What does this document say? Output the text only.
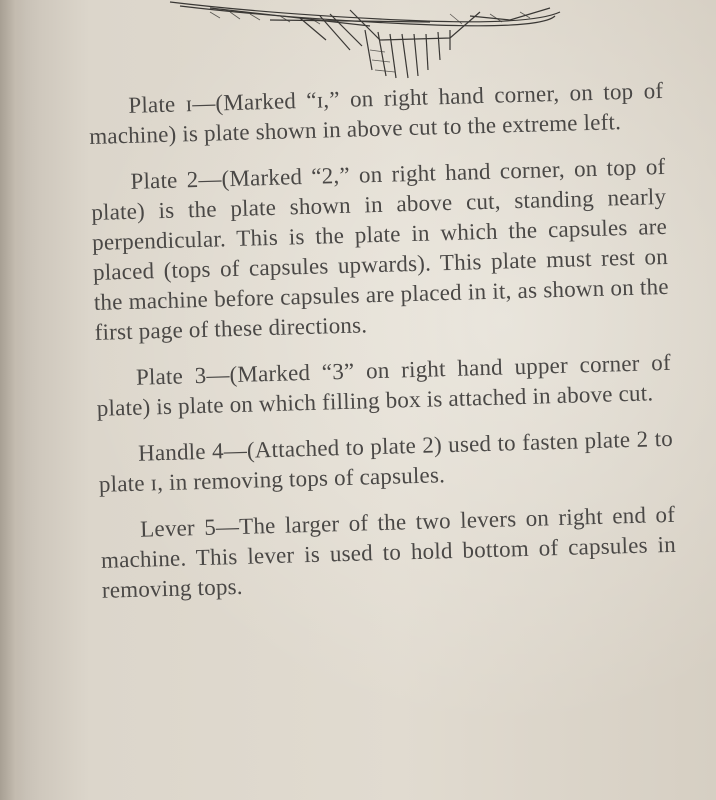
Plate ɪ—(Marked “ɪ,” on right hand corner, on top of machine) is plate shown in above cut to the extreme left.

Plate 2—(Marked “2,” on right hand corner, on top of plate) is the plate shown in above cut, standing nearly perpendicular. This is the plate in which the capsules are placed (tops of capsules upwards). This plate must rest on the machine before capsules are placed in it, as shown on the first page of these directions.

Plate 3—(Marked “3” on right hand upper corner of plate) is plate on which filling box is attached in above cut.

Handle 4—(Attached to plate 2) used to fasten plate 2 to plate ɪ, in removing tops of capsules.

Lever 5—The larger of the two levers on right end of machine. This lever is used to hold bottom of capsules in removing tops.
